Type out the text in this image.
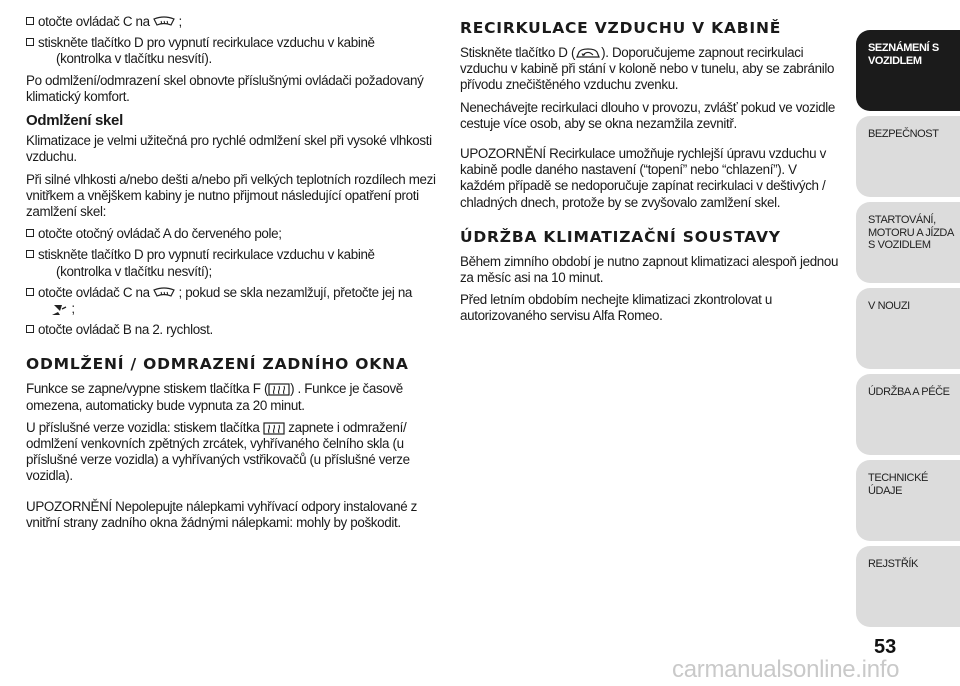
otočte ovládač C na ;
stiskněte tlačítko D pro vypnutí recirkulace vzduchu v kabině
(kontrolka v tlačítku nesvítí).

Po odmlžení/odmrazení skel obnovte příslušnými ovládači požadovaný klimatický komfort.

Odmlžení skel

Klimatizace je velmi užitečná pro rychlé odmlžení skel při vysoké vlhkosti vzduchu.

Při silné vlhkosti a/nebo dešti a/nebo při velkých teplotních rozdílech mezi vnitřkem a vnějškem kabiny je nutno přijmout následující opatření proti zamlžení skel:

otočte otočný ovládač A do červeného pole;
stiskněte tlačítko D pro vypnutí recirkulace vzduchu v kabině
(kontrolka v tlačítku nesvítí);
otočte ovládač C na ; pokud se skla nezamlžují, přetočte jej na
;
otočte ovládač B na 2. rychlost.
ODMLŽENÍ / ODMRAZENÍ ZADNÍHO OKNA

Funkce se zapne/vypne stiskem tlačítka F ( ) . Funkce je časově omezena, automaticky bude vypnuta za 20 minut.

U příslušné verze vozidla: stiskem tlačítka zapnete i odmražení/ odmlžení venkovních zpětných zrcátek, vyhřívaného čelního skla (u příslušné verze vozidla) a vyhřívaných vstřikovačů (u příslušné verze vozidla).

UPOZORNĚNÍ Nepolepujte nálepkami vyhřívací odpory instalované z vnitřní strany zadního okna žádnými nálepkami: mohly by poškodit.

RECIRKULACE VZDUCHU V KABINĚ

Stiskněte tlačítko D ( ). Doporučujeme zapnout recirkulaci vzduchu v kabině při stání v koloně nebo v tunelu, aby se zabránilo přívodu znečištěného vzduchu zvenku.

Nenechávejte recirkulaci dlouho v provozu, zvlášť pokud ve vozidle cestuje více osob, aby se okna nezamžila zevnitř.

UPOZORNĚNÍ Recirkulace umožňuje rychlejší úpravu vzduchu v kabině podle daného nastavení (“topení” nebo “chlazení”). V každém případě se nedoporučuje zapínat recirkulaci v deštivých / chladných dnech, protože by se zvyšovalo zamlžení skel.

ÚDRŽBA KLIMATIZAČNÍ SOUSTAVY

Během zimního období je nutno zapnout klimatizaci alespoň jednou za měsíc asi na 10 minut.

Před letním obdobím nechejte klimatizaci zkontrolovat u autorizovaného servisu Alfa Romeo.

SEZNÁMENÍ S VOZIDLEM
BEZPEČNOST
STARTOVÁNÍ, MOTORU A JÍZDA S VOZIDLEM
V NOUZI
ÚDRŽBA A PÉČE
TECHNICKÉ ÚDAJE
REJSTŘÍK
53
carmanualsonline.info
